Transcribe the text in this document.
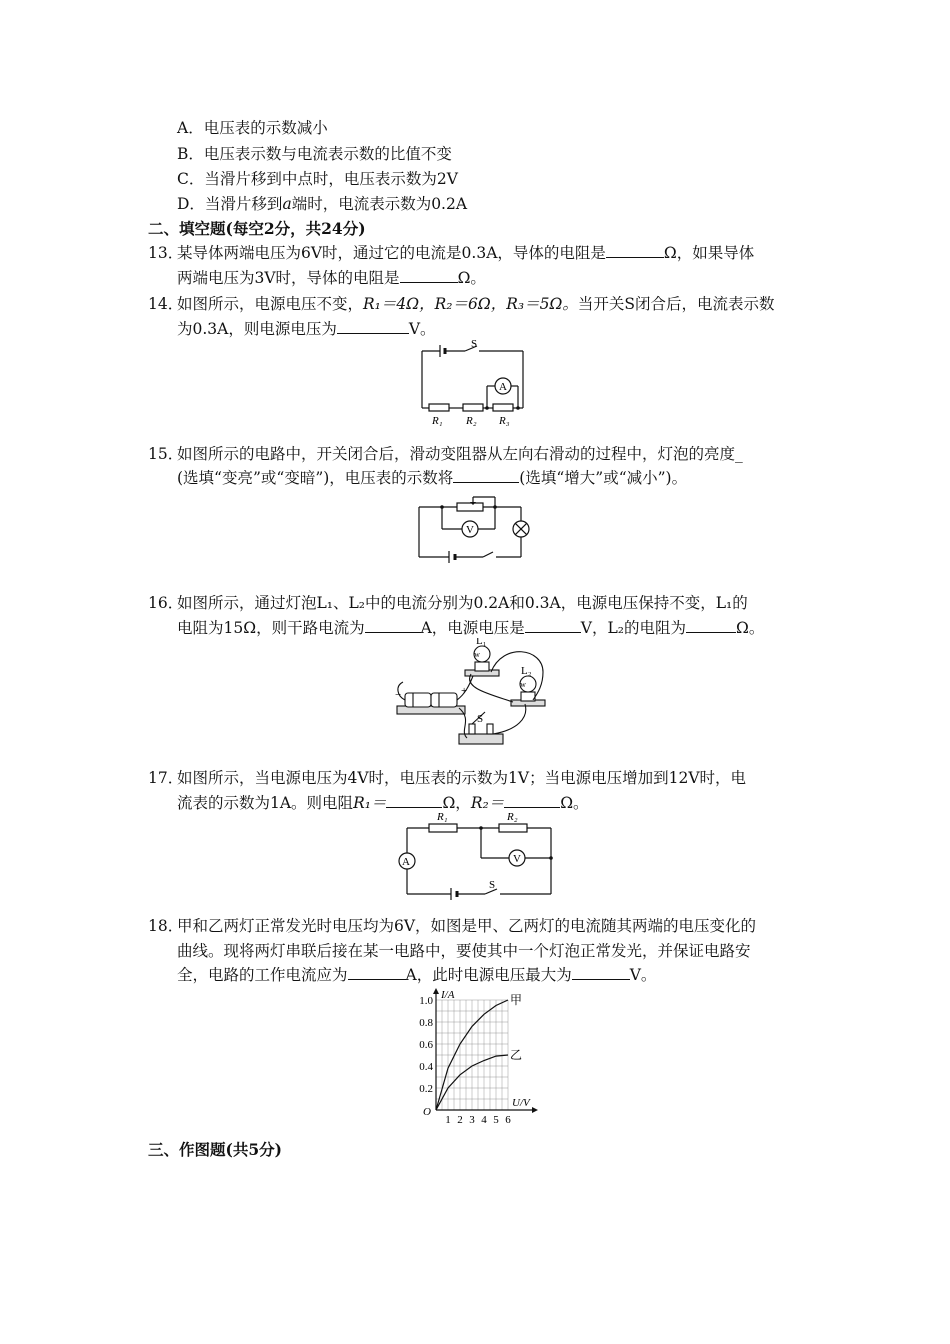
A．电压表的示数减小
B．电压表示数与电流表示数的比值不变
C．当滑片移到中点时，电压表示数为2V
D．当滑片移到a端时，电流表示数为0.2A
二、填空题(每空2分，共24分)
13．
某导体两端电压为6V时，通过它的电流是0.3A，导体的电阻是	Ω，如果导体
两端电压为3V时，导体的电阻是	Ω。
14．
如图所示，电源电压不变，R₁＝4Ω，R₂＝6Ω，R₃＝5Ω。当开关S闭合后，电流表示数
为0.3A，则电源电压为	V。
S
A
R₁ R₂ R₃
15．
如图所示的电路中，开关闭合后，滑动变阻器从左向右滑动的过程中，灯泡的亮度_
(选填“变亮”或“变暗”)，电压表的示数将	(选填“增大”或“减小”)。
V
16．
如图所示，通过灯泡L₁、L₂中的电流分别为0.2A和0.3A，电源电压保持不变，L₁的
电阻为15Ω，则干路电流为	A，电源电压是	V，L₂的电阻为	Ω。
w
w
L₁
L₂
S
−	+
17．
如图所示，当电源电压为4V时，电压表的示数为1V；当电源电压增加到12V时，电
流表的示数为1A。则电阻R₁＝	Ω，R₂＝	Ω。
A	V
R₁	R₂
S
18．
甲和乙两灯正常发光时电压均为6V，如图是甲、乙两灯的电流随其两端的电压变化的
曲线。现将两灯串联后接在某一电路中，要使其中一个灯泡正常发光，并保证电路安
全，电路的工作电流应为	A，此时电源电压最大为	V。
0.2
0.4
0.6
0.8
1.0
1 2 3 4 5 6
O
I/A
U/V
甲
乙
三、作图题(共5分)
